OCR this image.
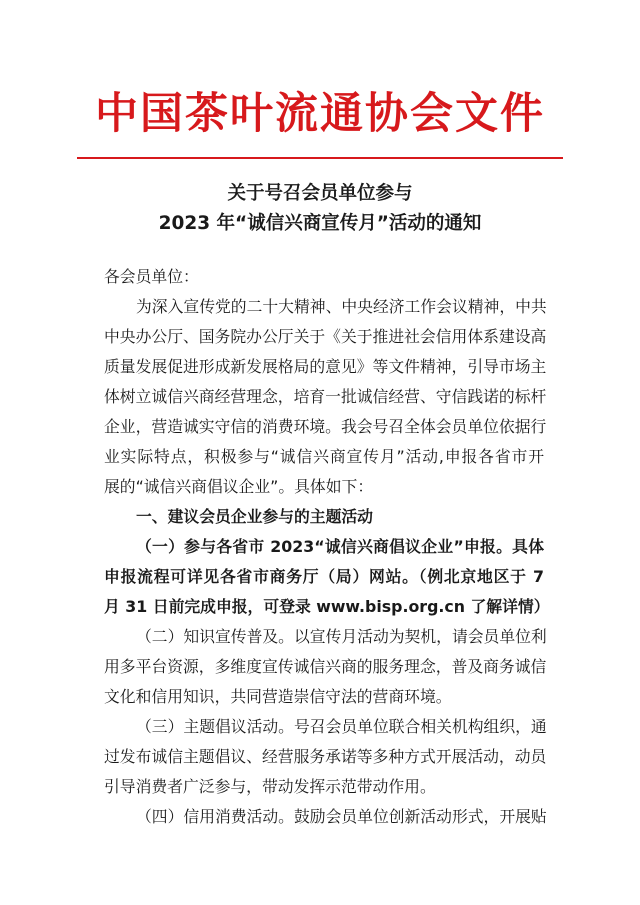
中国茶叶流通协会文件
关于号召会员单位参与
2023 年“诚信兴商宣传月”活动的通知
各会员单位：
为深入宣传党的二十大精神、中央经济工作会议精神，中共
中央办公厅、国务院办公厅关于《关于推进社会信用体系建设高
质量发展促进形成新发展格局的意见》等文件精神，引导市场主
体树立诚信兴商经营理念，培育一批诚信经营、守信践诺的标杆
企业，营造诚实守信的消费环境。我会号召全体会员单位依据行
业实际特点，积极参与“诚信兴商宣传月”活动,申报各省市开
展的“诚信兴商倡议企业”。具体如下：
一、建议会员企业参与的主题活动
（一）参与各省市 2023“诚信兴商倡议企业”申报。具体
申报流程可详见各省市商务厅（局）网站。（例北京地区于 7
月 31 日前完成申报，可登录 www.bisp.org.cn 了解详情）
（二）知识宣传普及。以宣传月活动为契机，请会员单位利
用多平台资源，多维度宣传诚信兴商的服务理念，普及商务诚信
文化和信用知识，共同营造崇信守法的营商环境。
（三）主题倡议活动。号召会员单位联合相关机构组织，通
过发布诚信主题倡议、经营服务承诺等多种方式开展活动，动员
引导消费者广泛参与，带动发挥示范带动作用。
（四）信用消费活动。鼓励会员单位创新活动形式，开展贴
